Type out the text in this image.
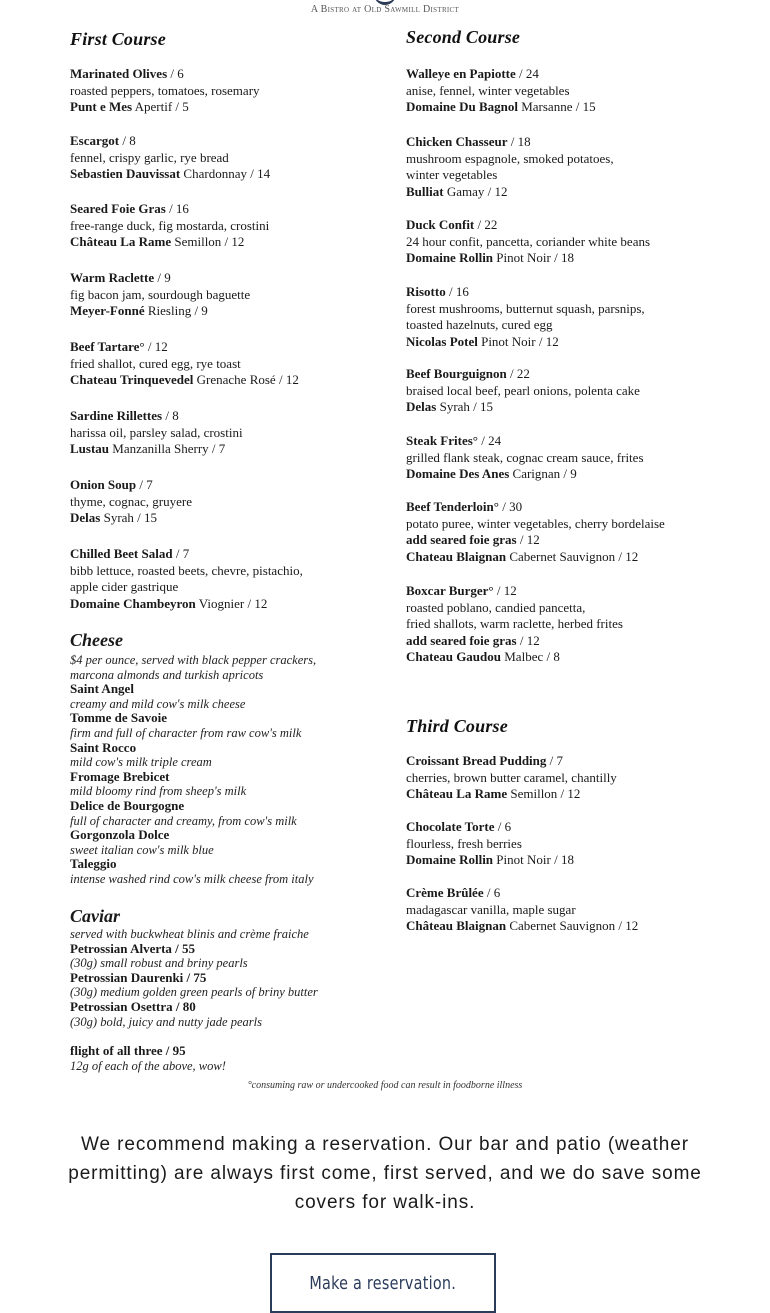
A Bistro at Old Sawmill District
First Course
Marinated Olives / 6
roasted peppers, tomatoes, rosemary
Punt e Mes Apertif / 5
Escargot / 8
fennel, crispy garlic, rye bread
Sebastien Dauvissat Chardonnay / 14
Seared Foie Gras / 16
free-range duck, fig mostarda, crostini
Château La Rame Semillon / 12
Warm Raclette / 9
fig bacon jam, sourdough baguette
Meyer-Fonné Riesling / 9
Beef Tartare° / 12
fried shallot, cured egg, rye toast
Chateau Trinquevedel Grenache Rosé / 12
Sardine Rillettes / 8
harissa oil, parsley salad, crostini
Lustau Manzanilla Sherry / 7
Onion Soup / 7
thyme, cognac, gruyere
Delas Syrah / 15
Chilled Beet Salad / 7
bibb lettuce, roasted beets, chevre, pistachio,
apple cider gastrique
Domaine Chambeyron Viognier / 12
Cheese
$4 per ounce, served with black pepper crackers,
marcona almonds and turkish apricots
Saint Angel
creamy and mild cow's milk cheese
Tomme de Savoie
firm and full of character from raw cow's milk
Saint Rocco
mild cow's milk triple cream
Fromage Brebicet
mild bloomy rind from sheep's milk
Delice de Bourgogne
full of character and creamy, from cow's milk
Gorgonzola Dolce
sweet italian cow's milk blue
Taleggio
intense washed rind cow's milk cheese from italy
Caviar
served with buckwheat blinis and crème fraiche
Petrossian Alverta / 55
(30g) small robust and briny pearls
Petrossian Daurenki / 75
(30g) medium golden green pearls of briny butter
Petrossian Osettra / 80
(30g) bold, juicy and nutty jade pearls
flight of all three / 95
12g of each of the above, wow!
Second Course
Walleye en Papiotte / 24
anise, fennel, winter vegetables
Domaine Du Bagnol Marsanne / 15
Chicken Chasseur / 18
mushroom espagnole, smoked potatoes,
winter vegetables
Bulliat Gamay / 12
Duck Confit / 22
24 hour confit, pancetta, coriander white beans
Domaine Rollin Pinot Noir / 18
Risotto / 16
forest mushrooms, butternut squash, parsnips,
toasted hazelnuts, cured egg
Nicolas Potel Pinot Noir / 12
Beef Bourguignon / 22
braised local beef, pearl onions, polenta cake
Delas Syrah / 15
Steak Frites° / 24
grilled flank steak, cognac cream sauce, frites
Domaine Des Anes Carignan / 9
Beef Tenderloin° / 30
potato puree, winter vegetables, cherry bordelaise
add seared foie gras / 12
Chateau Blaignan Cabernet Sauvignon / 12
Boxcar Burger° / 12
roasted poblano, candied pancetta,
fried shallots, warm raclette, herbed frites
add seared foie gras / 12
Chateau Gaudou Malbec / 8
Third Course
Croissant Bread Pudding / 7
cherries, brown butter caramel, chantilly
Château La Rame Semillon / 12
Chocolate Torte / 6
flourless, fresh berries
Domaine Rollin Pinot Noir / 18
Crème Brûlée / 6
madagascar vanilla, maple sugar
Château Blaignan Cabernet Sauvignon / 12
°consuming raw or undercooked food can result in foodborne illness
We recommend making a reservation. Our bar and patio (weather permitting) are always first come, first served, and we do save some covers for walk-ins.
Make a reservation.
